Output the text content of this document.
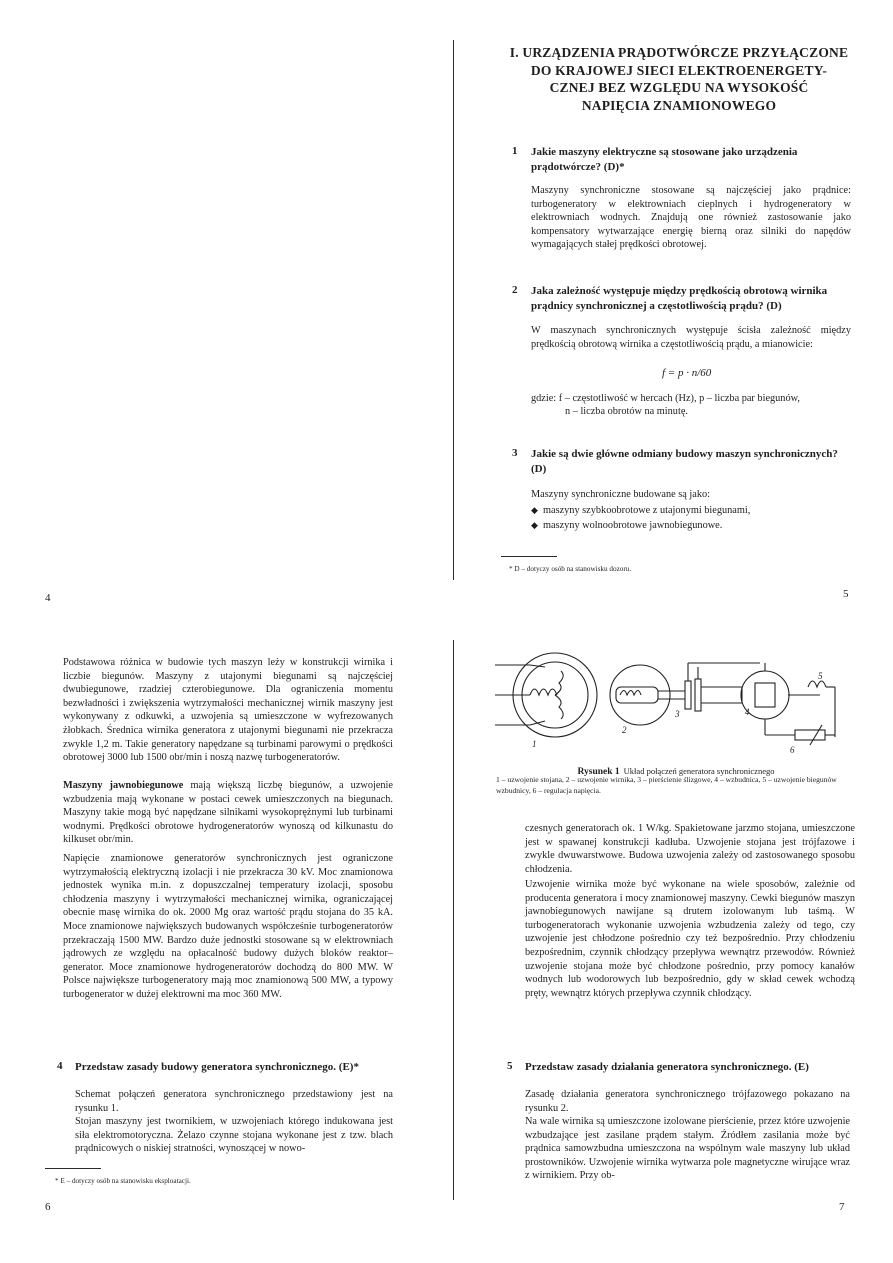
I. URZĄDZENIA PRĄDOTWÓRCZE PRZYŁĄCZONE
DO KRAJOWEJ SIECI ELEKTROENERGETY-
CZNEJ BEZ WZGLĘDU NA WYSOKOŚĆ
NAPIĘCIA ZNAMIONOWEGO
1 Jakie maszyny elektryczne są stosowane jako urządzenia prądotwórcze? (D)*

Maszyny synchroniczne stosowane są najczęściej jako prądnice: turbogeneratory w elektrowniach cieplnych i hydrogeneratory w elektrowniach wodnych. Znajdują one również zastosowanie jako kompensatory wytwarzające energię bierną oraz silniki do napędów wymagających stałej prędkości obrotowej.

2 Jaka zależność występuje między prędkością obrotową wirnika prądnicy synchronicznej a częstotliwością prądu? (D)

W maszynach synchronicznych występuje ścisła zależność między prędkością obrotową wirnika a częstotliwością prądu, a mianowicie:

f = p · n/60
gdzie: f – częstotliwość w hercach (Hz), p – liczba par biegunów,
n – liczba obrotów na minutę.
3 Jakie są dwie główne odmiany budowy maszyn synchronicznych? (D)

Maszyny synchroniczne budowane są jako:

◆ maszyny szybkoobrotowe z utajonymi biegunami,
◆ maszyny wolnoobrotowe jawnobiegunowe.
* D – dotyczy osób na stanowisku dozoru.
4	5

Podstawowa różnica w budowie tych maszyn leży w konstrukcji wirnika i liczbie biegunów. Maszyny z utajonymi biegunami są najczęściej dwubiegunowe, rzadziej czterobiegunowe. Dla ograniczenia momentu bezwładności i zwiększenia wytrzymałości mechanicznej wirnik maszyny jest wykonywany z odkuwki, a uzwojenia są umieszczone w wyfrezowanych żłobkach. Średnica wirnika generatora z utajonymi biegunami nie przekracza zwykle 1,2 m. Takie generatory napędzane są turbinami parowymi o prędkości obrotowej 3000 lub 1500 obr/min i noszą nazwę turbogeneratorów.

Maszyny jawnobiegunowe mają większą liczbę biegunów, a uzwojenie wzbudzenia mają wykonane w postaci cewek umieszczonych na biegunach. Maszyny takie mogą być napędzane silnikami wysokoprężnymi lub turbinami wodnymi. Prędkości obrotowe hydrogeneratorów wynoszą od kilkunastu do kilkuset obr/min.

Napięcie znamionowe generatorów synchronicznych jest ograniczone wytrzymałością elektryczną izolacji i nie przekracza 30 kV. Moc znamionowa jednostek wynika m.in. z dopuszczalnej temperatury izolacji, sposobu chłodzenia maszyny i wytrzymałości mechanicznej wirnika, ograniczającej obecnie masę wirnika do ok. 2000 Mg oraz wartość prądu stojana do 35 kA. Moce znamionowe największych budowanych współcześnie turbogeneratorów przekraczają 1500 MW. Bardzo duże jednostki stosowane są w elektrowniach jądrowych ze względu na opłacalność budowy dużych bloków reaktor–generator. Moce znamionowe hydrogeneratorów dochodzą do 800 MW. W Polsce największe turbogeneratory mają moc znamionową 500 MW, a typowy turbogenerator w dużej elektrowni ma moc 360 MW.

4 Przedstaw zasady budowy generatora synchronicznego. (E)*

Schemat połączeń generatora synchronicznego przedstawiony jest na rysunku 1.

Stojan maszyny jest twornikiem, w uzwojeniach którego indukowana jest siła elektromotoryczna. Żelazo czynne stojana wykonane jest z tzw. blach prądnicowych o niskiej stratności, wynoszącej w nowo-

* E – dotyczy osób na stanowisku eksploatacji.
6
1
2
3	4
5
6
Rysunek 1 Układ połączeń generatora synchronicznego
1 – uzwojenie stojana, 2 – uzwojenie wirnika, 3 – pierścienie ślizgowe, 4 – wzbudnica, 5 – uzwojenie biegunów wzbudnicy, 6 – regulacja napięcia.

czesnych generatorach ok. 1 W/kg. Spakietowane jarzmo stojana, umieszczone jest w spawanej konstrukcji kadłuba. Uzwojenie stojana jest trójfazowe i zwykle dwuwarstwowe. Budowa uzwojenia zależy od zastosowanego sposobu chłodzenia.

Uzwojenie wirnika może być wykonane na wiele sposobów, zależnie od producenta generatora i mocy znamionowej maszyny. Cewki biegunów maszyn jawnobiegunowych nawijane są drutem izolowanym lub taśmą. W turbogeneratorach wykonanie uzwojenia wzbudzenia zależy od tego, czy uzwojenie jest chłodzone pośrednio czy też bezpośrednio. Przy chłodzeniu bezpośrednim, czynnik chłodzący przepływa wewnątrz przewodów. Również uzwojenie stojana może być chłodzone pośrednio, przy pomocy kanałów wodnych lub wodorowych lub bezpośrednio, gdy w skład cewek wchodzą pręty, wewnątrz których przepływa czynnik chłodzący.

5 Przedstaw zasady działania generatora synchronicznego. (E)

Zasadę działania generatora synchronicznego trójfazowego pokazano na rysunku 2.

Na wale wirnika są umieszczone izolowane pierścienie, przez które uzwojenie wzbudzające jest zasilane prądem stałym. Źródłem zasilania może być prądnica samowzbudna umieszczona na wspólnym wale maszyny lub układ prostowników. Uzwojenie wirnika wytwarza pole magnetyczne wirujące wraz z wirnikiem. Przy ob-

7
